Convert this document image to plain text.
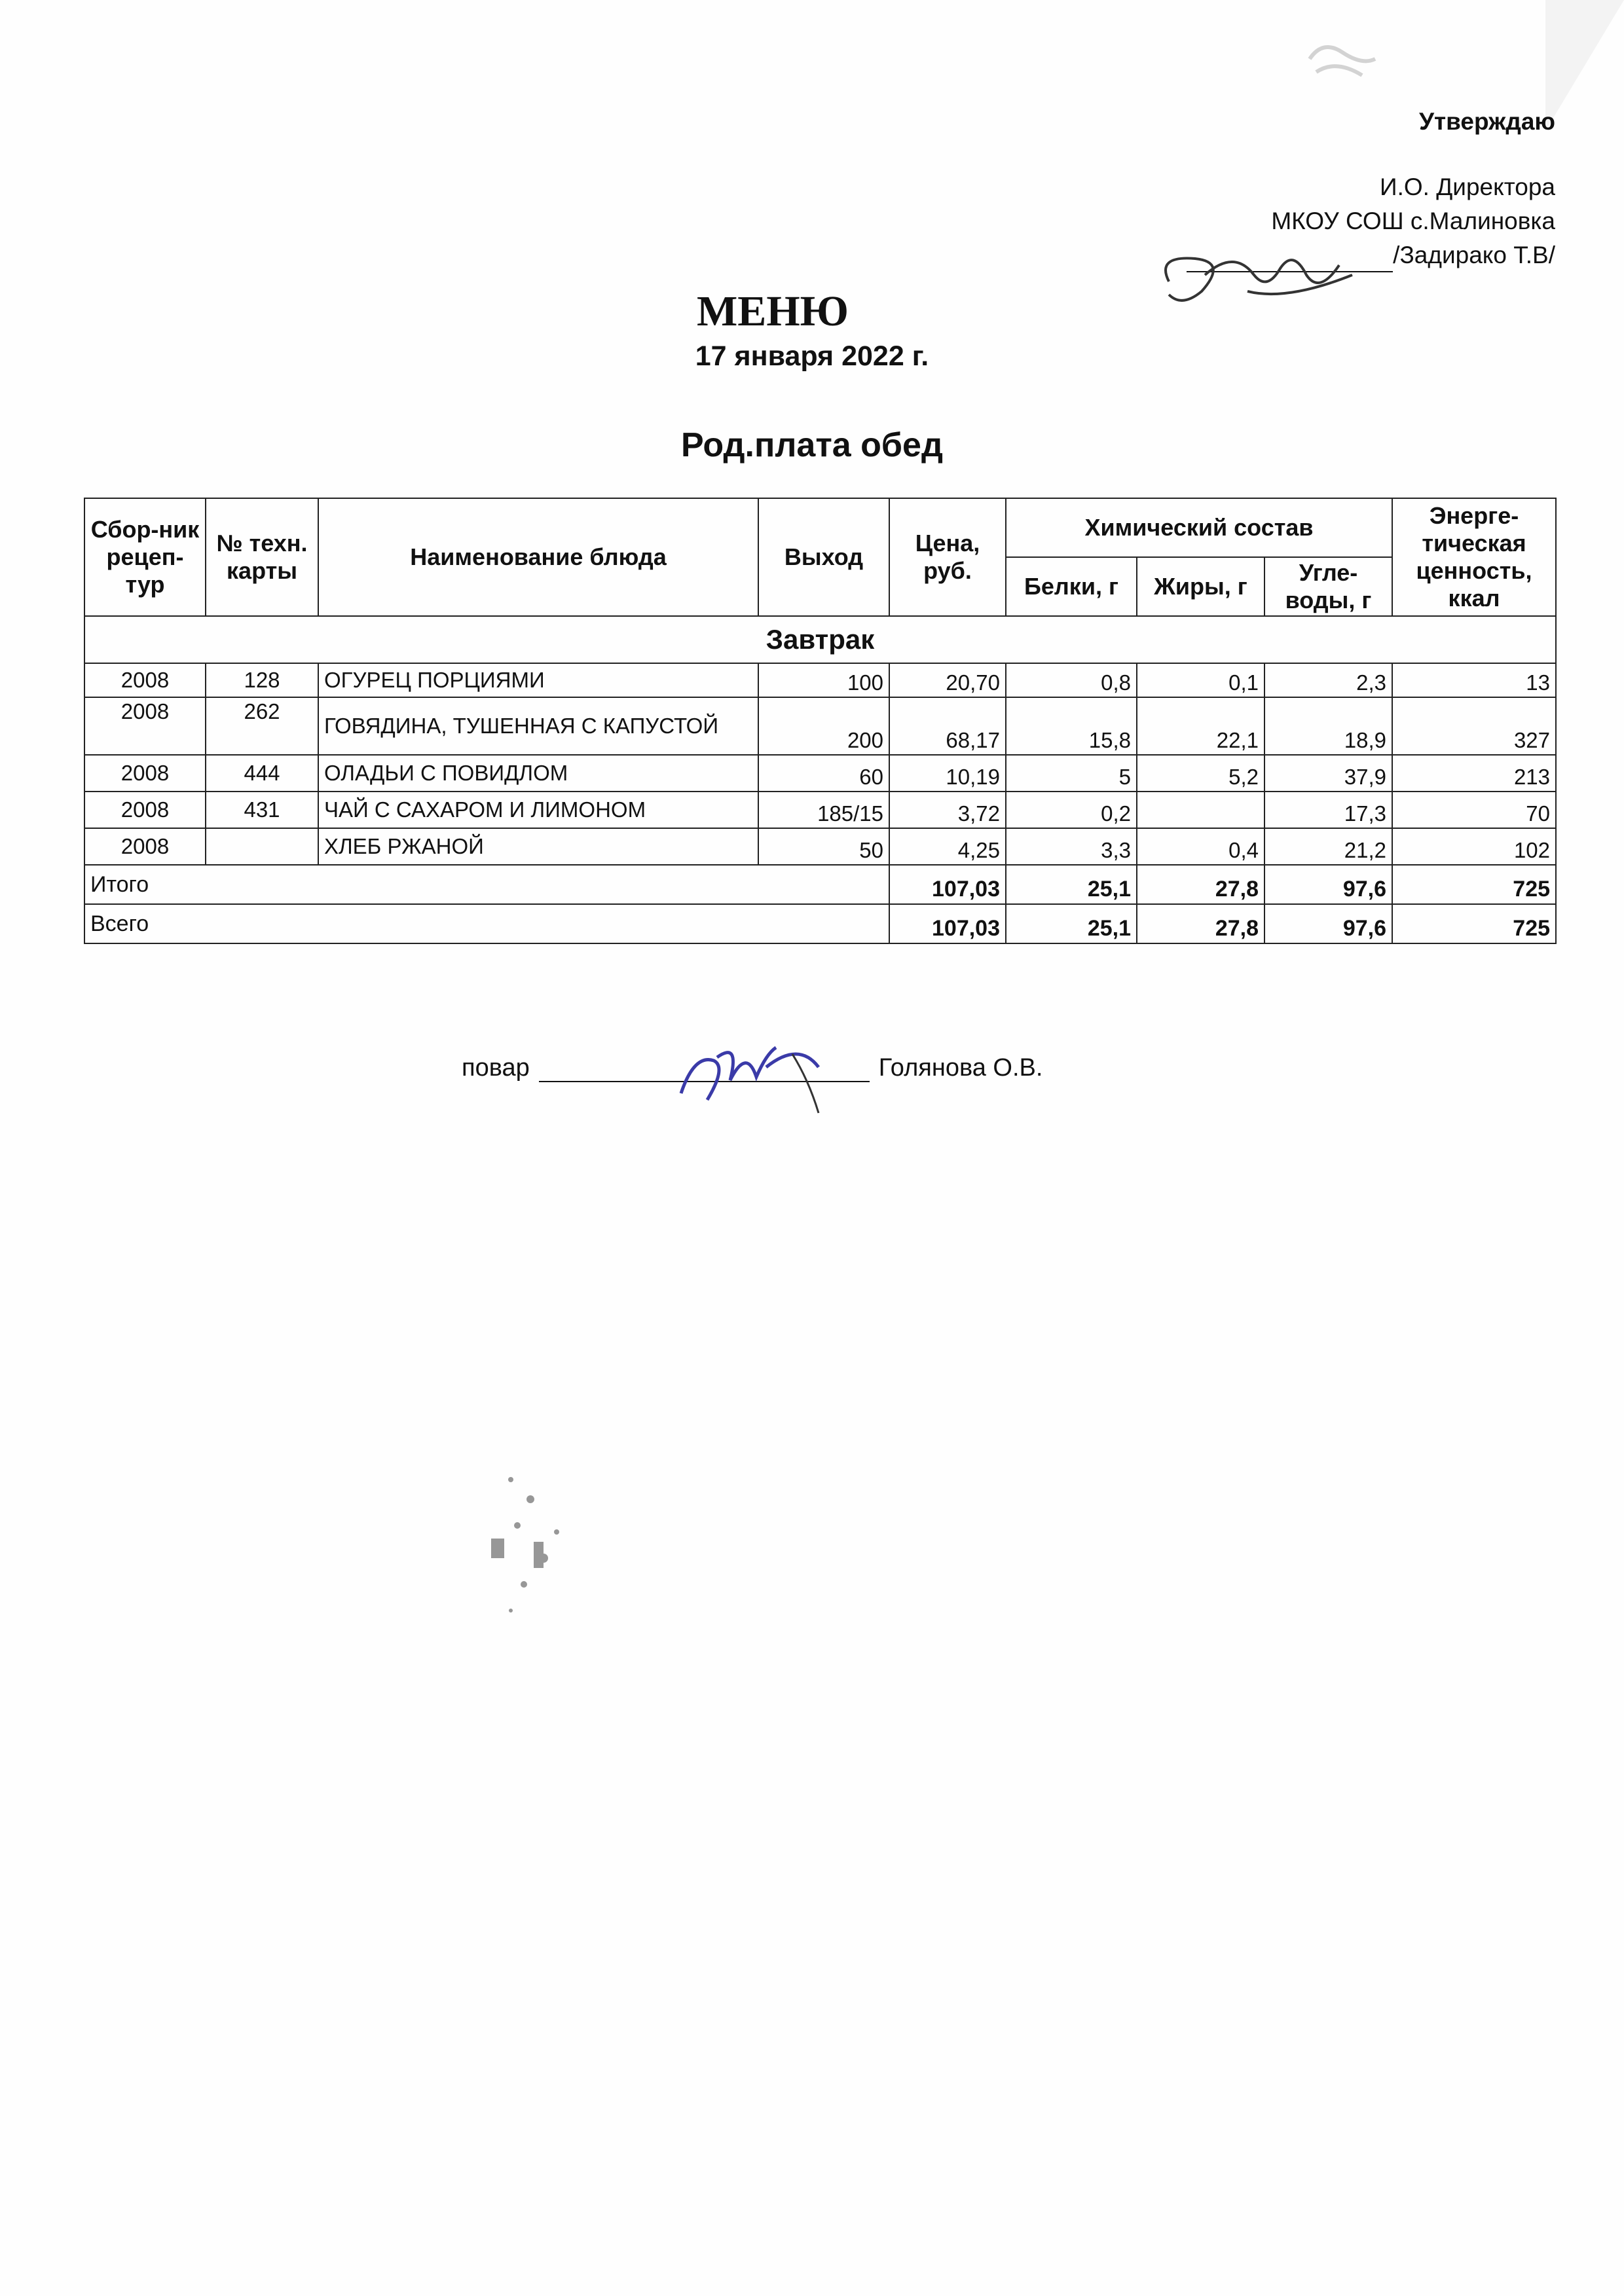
Утверждаю
И.О. Директора
МКОУ СОШ с.Малиновка
/Задирако Т.В/
МЕНЮ
17 января 2022 г.
Род.плата обед
Сбор-ник рецеп-тур	№ техн. карты	Наименование блюда	Выход	Цена, руб.	Химический состав			Энерге-тическая ценность, ккал
					Белки, г	Жиры, г	Угле-воды, г	
Завтрак								
2008	128	ОГУРЕЦ ПОРЦИЯМИ	100	20,70	0,8	0,1	2,3	13
2008	262	ГОВЯДИНА, ТУШЕННАЯ С КАПУСТОЙ	200	68,17	15,8	22,1	18,9	327
2008	444	ОЛАДЬИ С ПОВИДЛОМ	60	10,19	5	5,2	37,9	213
2008	431	ЧАЙ С САХАРОМ И ЛИМОНОМ	185/15	3,72	0,2		17,3	70
2008		ХЛЕБ РЖАНОЙ	50	4,25	3,3	0,4	21,2	102
Итого				107,03	25,1	27,8	97,6	725
Всего				107,03	25,1	27,8	97,6	725
повар	Голянова О.В.
